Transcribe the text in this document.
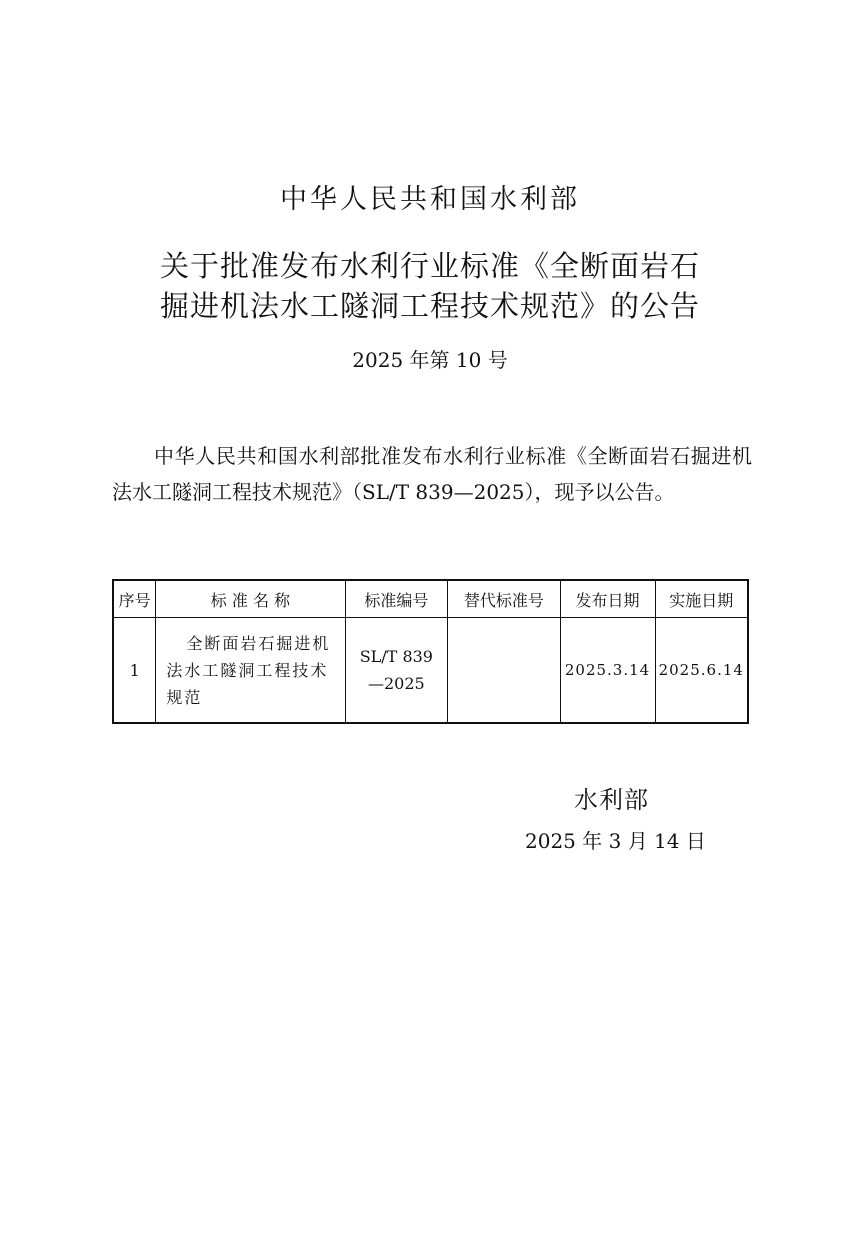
中华人民共和国水利部
关于批准发布水利行业标准《全断面岩石
掘进机法水工隧洞工程技术规范》的公告
2025 年第 10 号

中华人民共和国水利部批准发布水利行业标准《全断面岩石掘进机法水工隧洞工程技术规范》（SL/T 839—2025），现予以公告。

序号	标 准 名 称	标准编号	替代标准号	发布日期	实施日期
1	全断面岩石掘进机
法水工隧洞工程技术
规范	SL/T 839
—2025		2025.3.14	2025.6.14
水利部
2025 年 3 月 14 日
